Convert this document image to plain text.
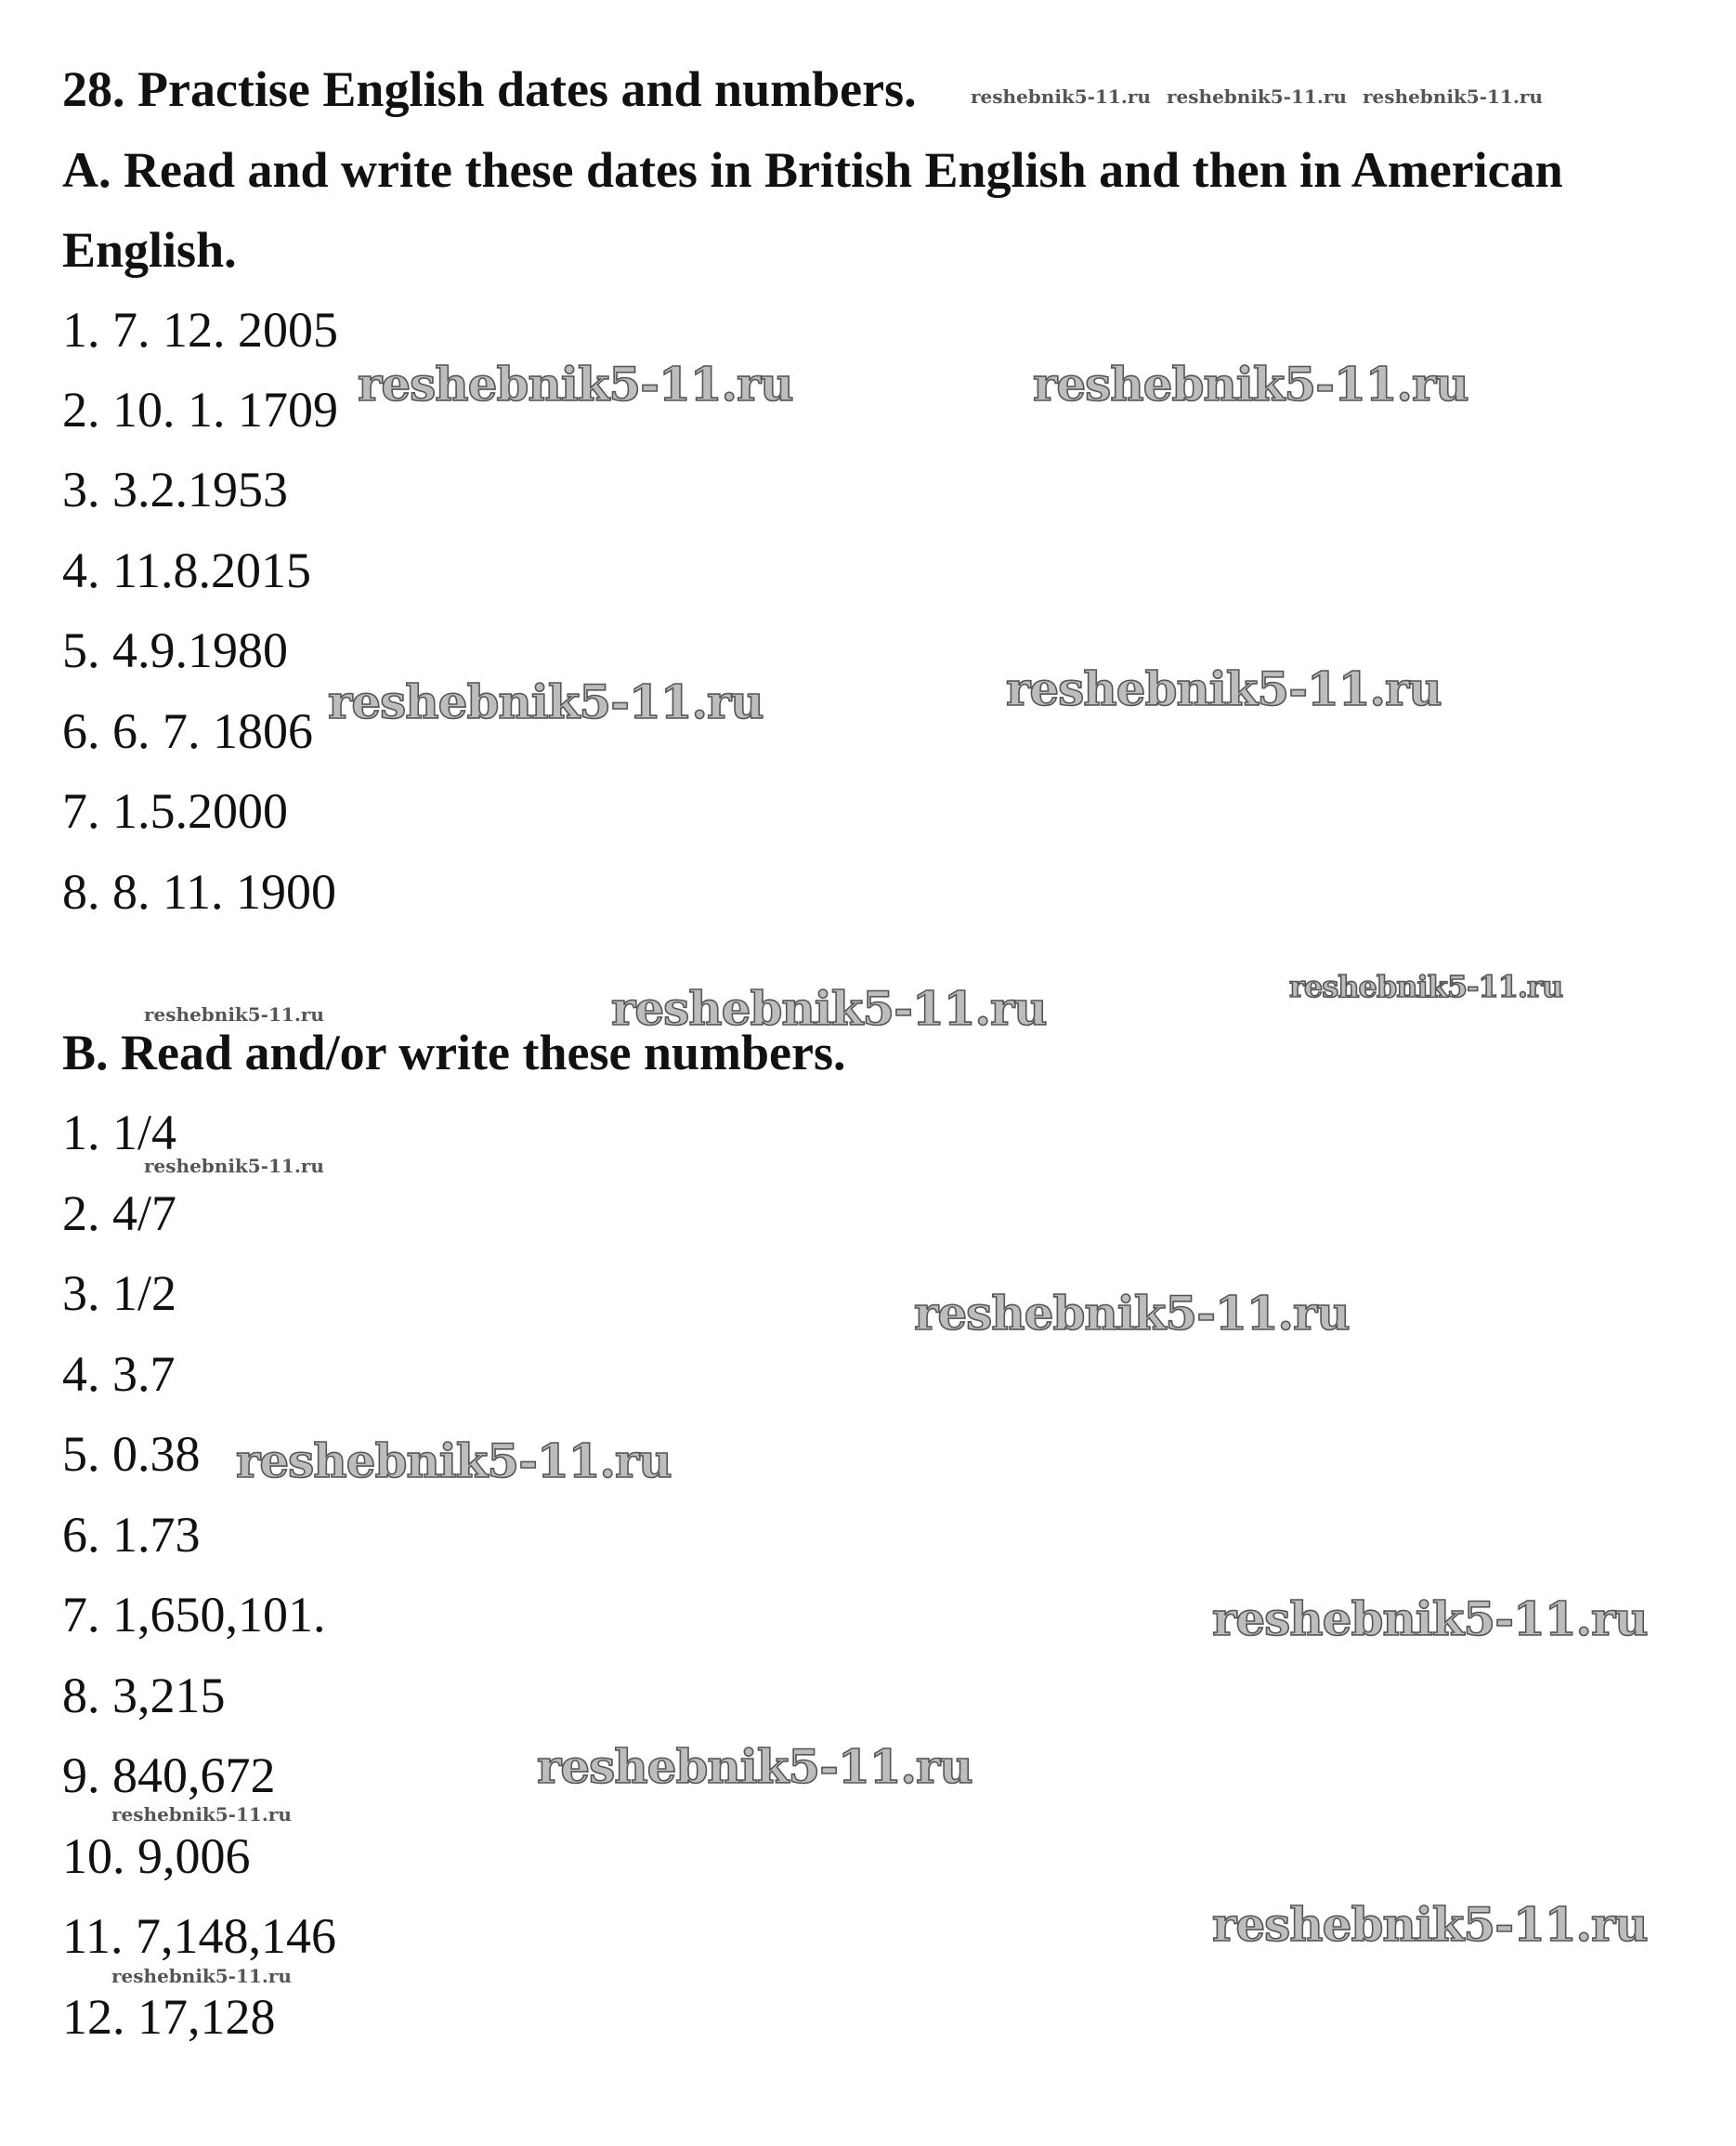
28. Practise English dates and numbers.
A. Read and write these dates in British English and then in American
English.
1. 7. 12. 2005
2. 10. 1. 1709
3. 3.2.1953
4. 11.8.2015
5. 4.9.1980
6. 6. 7. 1806
7. 1.5.2000
8. 8. 11. 1900
B. Read and/or write these numbers.
1. 1/4
2. 4/7
3. 1/2
4. 3.7
5. 0.38
6. 1.73
7. 1,650,101.
8. 3,215
9. 840,672
10. 9,006
11. 7,148,146
12. 17,128
reshebnik5-11.ru reshebnik5-11.ru reshebnik5-11.ru
reshebnik5-11.ru	reshebnik5-11.ru
reshebnik5-11.ru	reshebnik5-11.ru
reshebnik5-11.ru	reshebnik5-11.ru	reshebnik5-11.ru
reshebnik5-11.ru
reshebnik5-11.ru
reshebnik5-11.ru
reshebnik5-11.ru
reshebnik5-11.ru
reshebnik5-11.ru
reshebnik5-11.ru
reshebnik5-11.ru
